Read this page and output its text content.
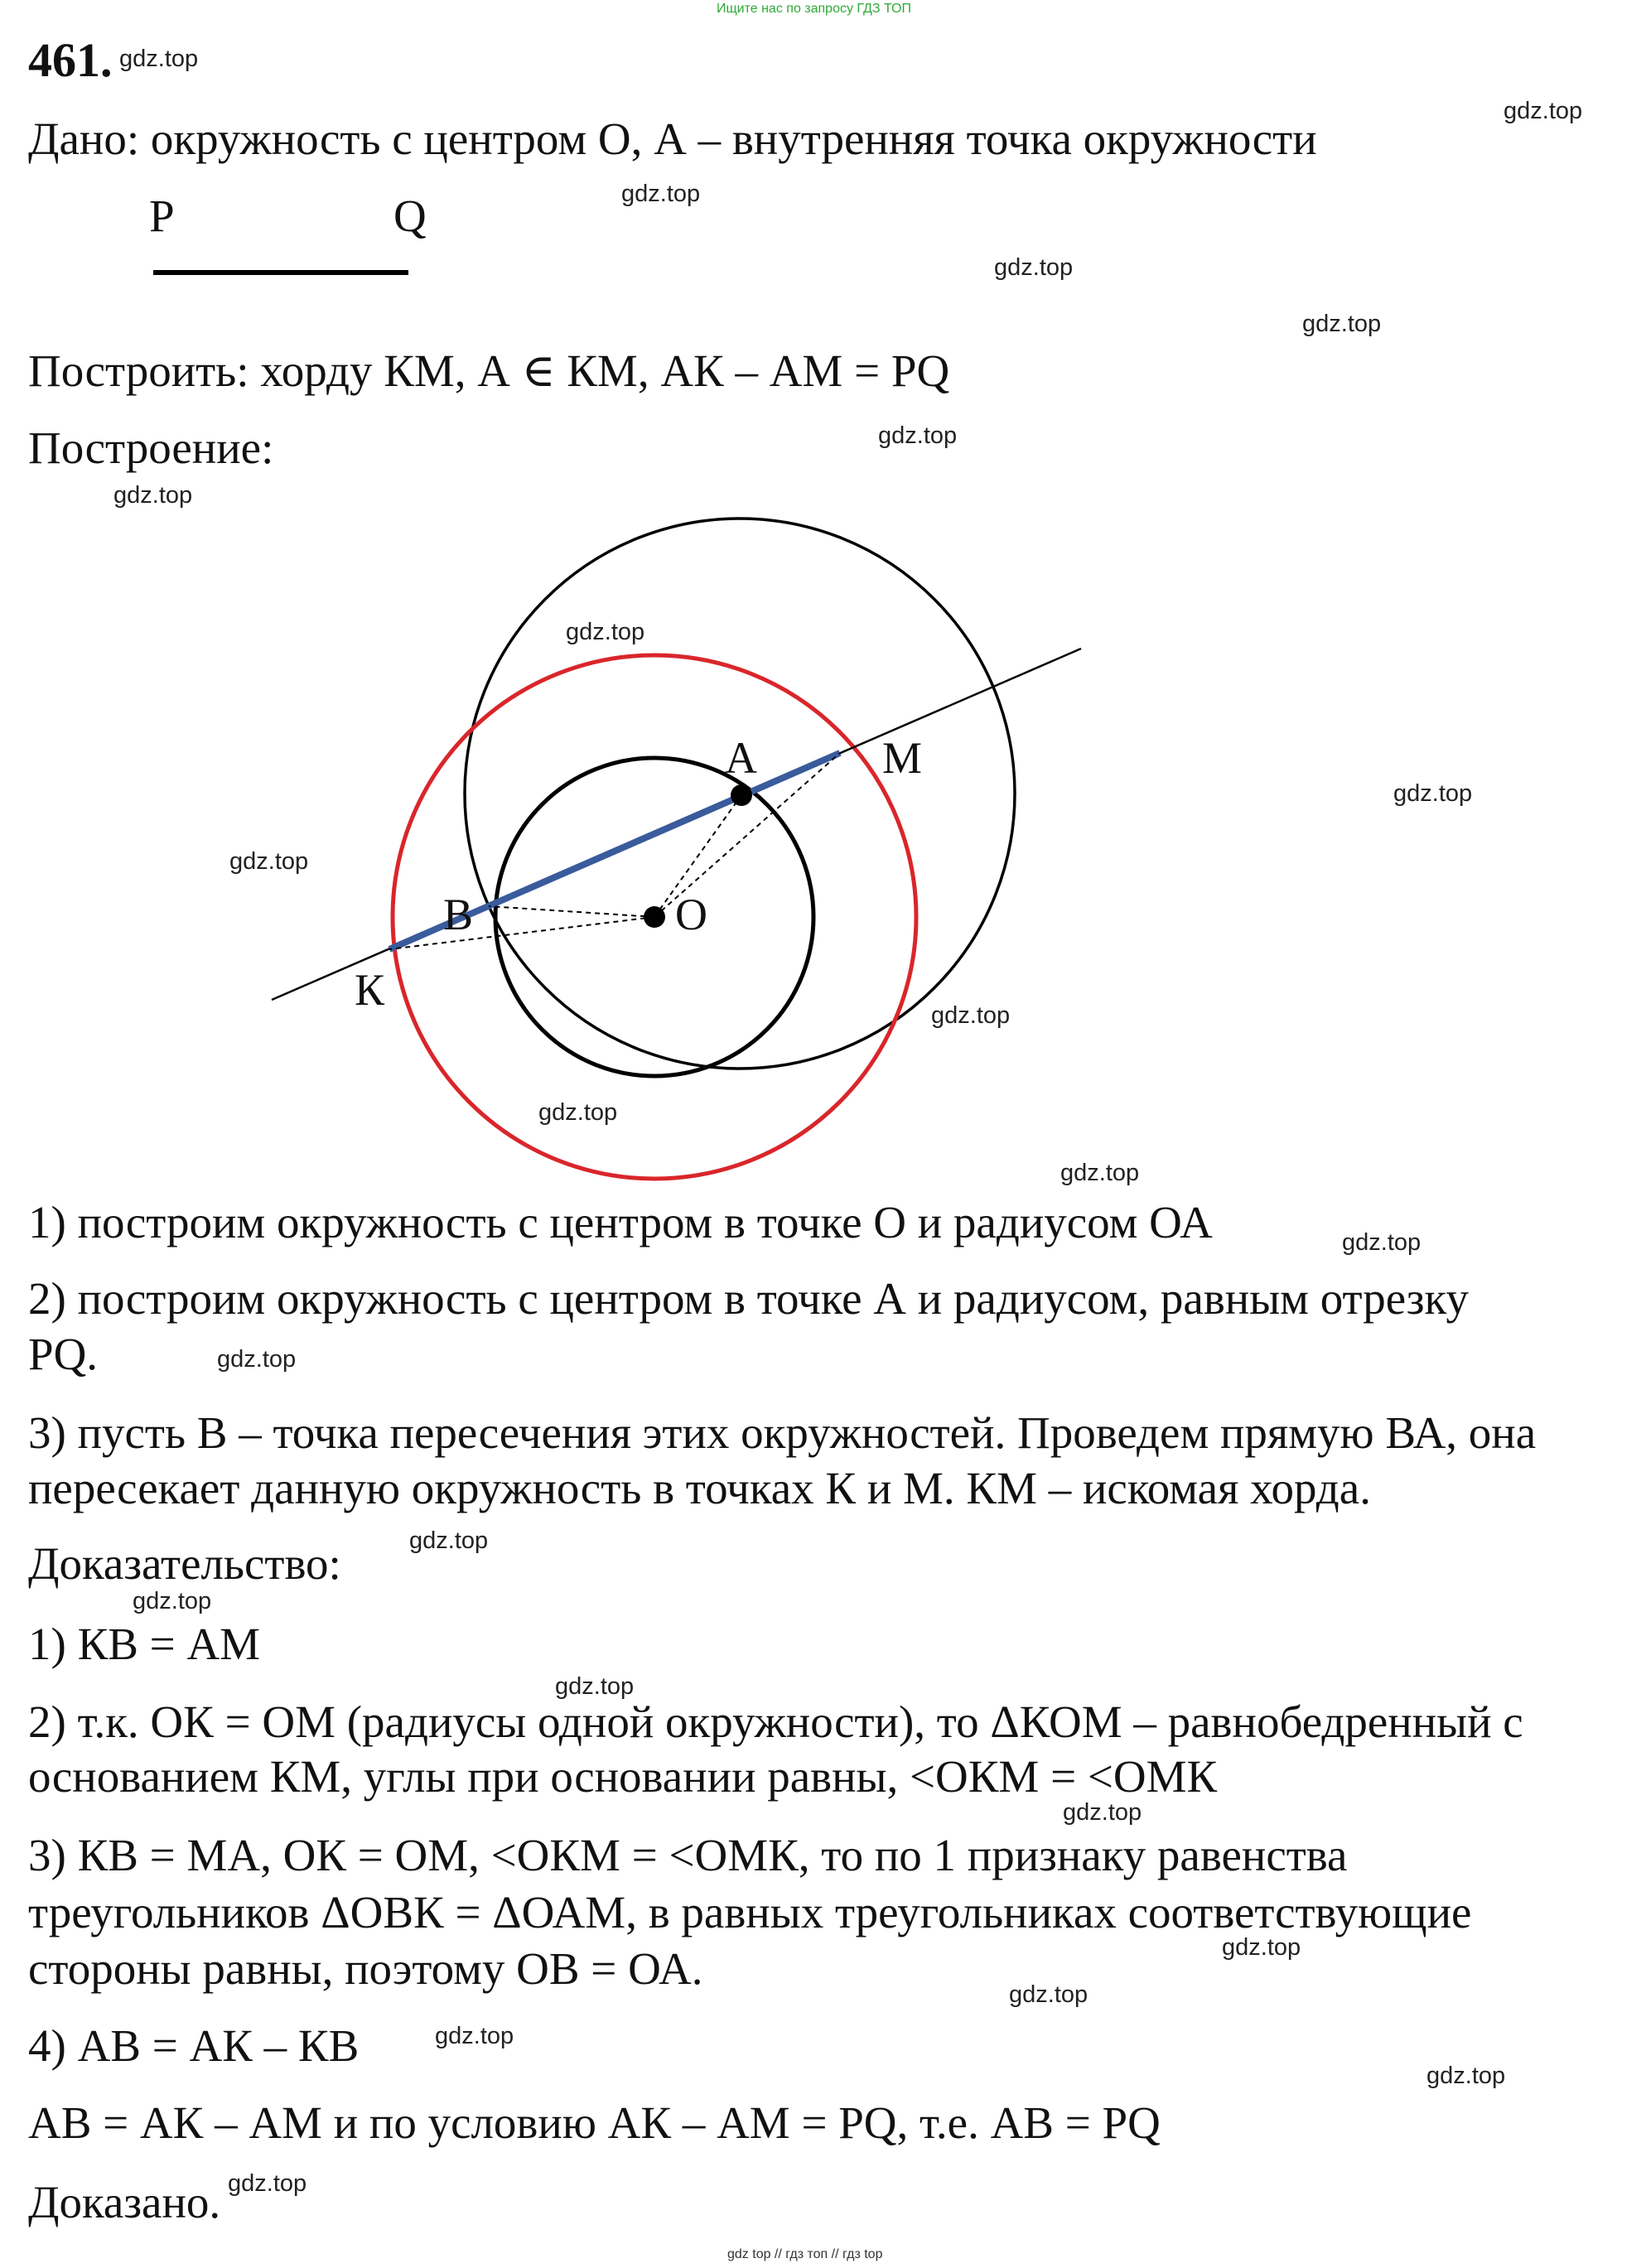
Ищите нас по запросу ГДЗ ТОП
gdz top // гдз топ // гдз top
461.
Дано: окружность с центром О, А – внутренняя точка окружности
P	Q
Построить: хорду КМ, А ∈ КМ, АК – АМ = PQ
Построение:
A	M
B	O
К
1) построим окружность с центром в точке О и радиусом ОА
2) построим окружность с центром в точке А и радиусом, равным отрезку
PQ.
3) пусть В – точка пересечения этих окружностей. Проведем прямую ВА, она
пересекает данную окружность в точках К и М. КМ – искомая хорда.
Доказательство:
1) КВ = АМ
2) т.к. ОК = ОМ (радиусы одной окружности), то ΔКОМ – равнобедренный с
основанием КМ, углы при основании равны, <ОКМ = <ОМК
3) КВ = МА, ОК = ОМ, <ОКМ = <ОМК, то по 1 признаку равенства
треугольников ΔОВК = ΔОАМ, в равных треугольниках соответствующие
стороны равны, поэтому ОВ = ОА.
4) АВ = АК – КВ
АВ = АК – АМ и по условию АК – АМ = PQ, т.е. АВ = PQ
Доказано.
gdz.top
gdz.top
gdz.top
gdz.top
gdz.top
gdz.top
gdz.top
gdz.top
gdz.top
gdz.top
gdz.top
gdz.top
gdz.top
gdz.top
gdz.top
gdz.top
gdz.top
gdz.top
gdz.top
gdz.top
gdz.top
gdz.top
gdz.top
gdz.top
